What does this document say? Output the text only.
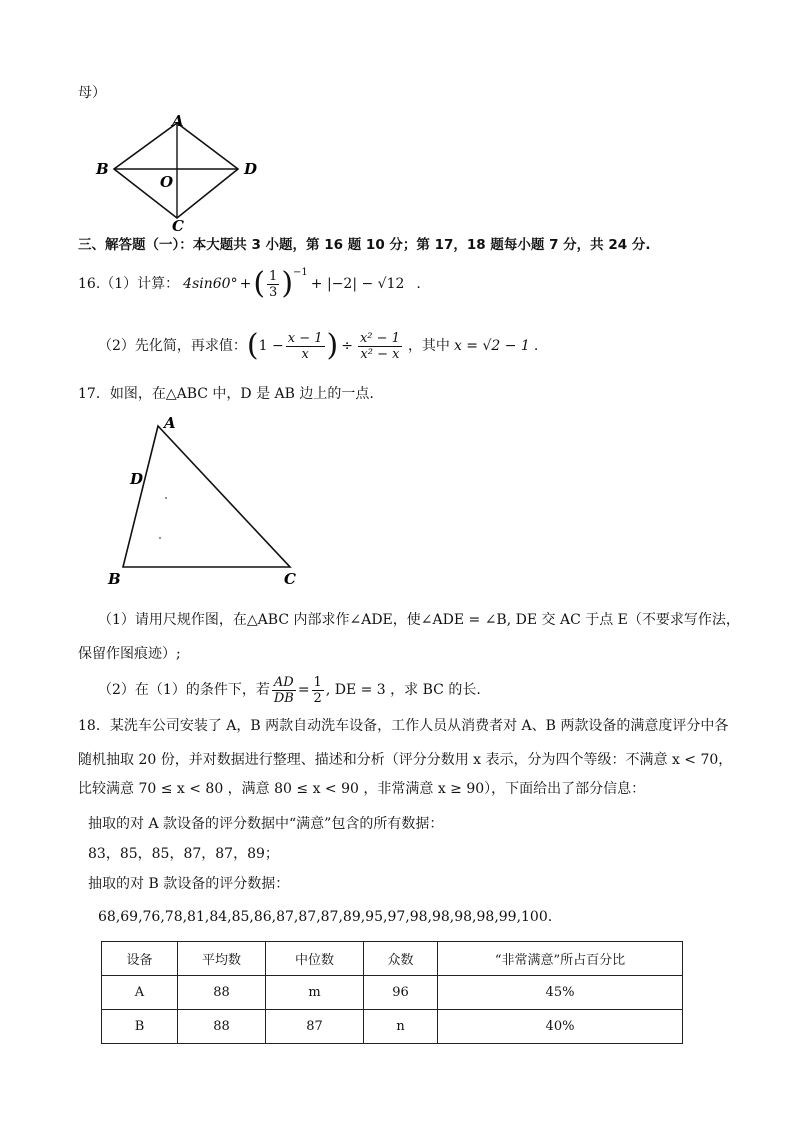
母）
A
B
C
D
O
三、解答题（一）：本大题共 3 小题，第 16 题 10 分；第 17，18 题每小题 7 分，共 24 分.
16.（1）计算： 4sin60° + ( $\frac{1}{3}$ ) −1
+ |−2| − √12 .
（2）先化简，再求值： ( $1 - \frac{x - 1}{x}$ ) ÷ $\frac{\text{x² − 1}}{\text{x² − x}}$ ，其中 x = √2 − 1 .
17．如图，在△ABC 中，D 是 AB 边上的一点.
A
B	C
D
（1）请用尺规作图，在△ABC 内部求作∠ADE，使∠ADE = ∠B, DE 交 AC 于点 E（不要求写作法，
保留作图痕迹）;
（2）在（1）的条件下，若 $\frac{AD}{DB} = \frac{1}{2}$ , DE = 3 ，求 BC 的长.
18．某洗车公司安装了 A，B 两款自动洗车设备，工作人员从消费者对 A、B 两款设备的满意度评分中各
随机抽取 20 份，并对数据进行整理、描述和分析（评分分数用 x 表示，分为四个等级：不满意 x < 70，
比较满意 70 ≤ x < 80 ，满意 80 ≤ x < 90 ，非常满意 x ≥ 90），下面给出了部分信息：
抽取的对 A 款设备的评分数据中“满意”包含的所有数据：
83，85，85，87，87，89；
抽取的对 B 款设备的评分数据：
68,69,76,78,81,84,85,86,87,87,87,89,95,97,98,98,98,98,99,100.
设备	平均数	中位数	众数	“非常满意”所占百分比
A	88	m	96	45%
B	88	87	n	40%
